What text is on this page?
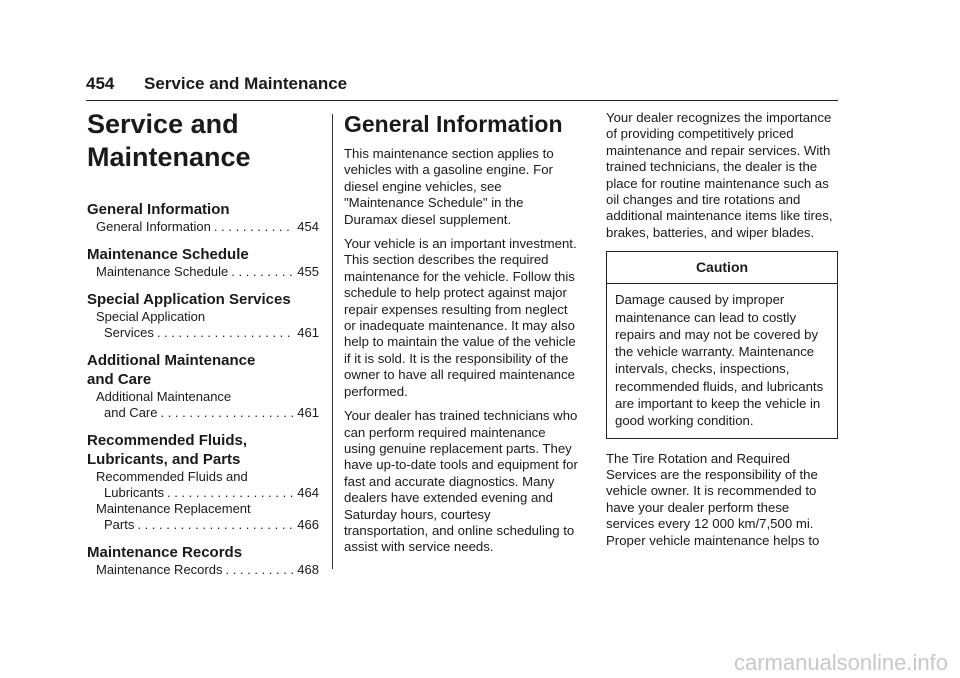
454 Service and Maintenance
Service and
Maintenance
General Information
General Information . . .	454
Maintenance Schedule
Maintenance Schedule . . .	455
Special Application Services
Special Application
Services . . .	461
Additional Maintenance
and Care
Additional Maintenance
and Care . . .	461
Recommended Fluids,
Lubricants, and Parts
Recommended Fluids and
Lubricants . . .	464
Maintenance Replacement
Parts . . .	466
Maintenance Records
Maintenance Records . . .	468
General Information

This maintenance section applies to vehicles with a gasoline engine. For diesel engine vehicles, see "Maintenance Schedule" in the Duramax diesel supplement.

Your vehicle is an important investment. This section describes the required maintenance for the vehicle. Follow this schedule to help protect against major repair expenses resulting from neglect or inadequate maintenance. It may also help to maintain the value of the vehicle if it is sold. It is the responsibility of the owner to have all required maintenance performed.

Your dealer has trained technicians who can perform required maintenance using genuine replacement parts. They have up-to-date tools and equipment for fast and accurate diagnostics. Many dealers have extended evening and Saturday hours, courtesy transportation, and online scheduling to assist with service needs.

Your dealer recognizes the importance of providing competitively priced maintenance and repair services. With trained technicians, the dealer is the place for routine maintenance such as oil changes and tire rotations and additional maintenance items like tires, brakes, batteries, and wiper blades.

Caution
Damage caused by improper maintenance can lead to costly repairs and may not be covered by the vehicle warranty. Maintenance intervals, checks, inspections, recommended fluids, and lubricants are important to keep the vehicle in good working condition.

The Tire Rotation and Required Services are the responsibility of the vehicle owner. It is recommended to have your dealer perform these services every 12 000 km/7,500 mi. Proper vehicle maintenance helps to

carmanualsonline.info
